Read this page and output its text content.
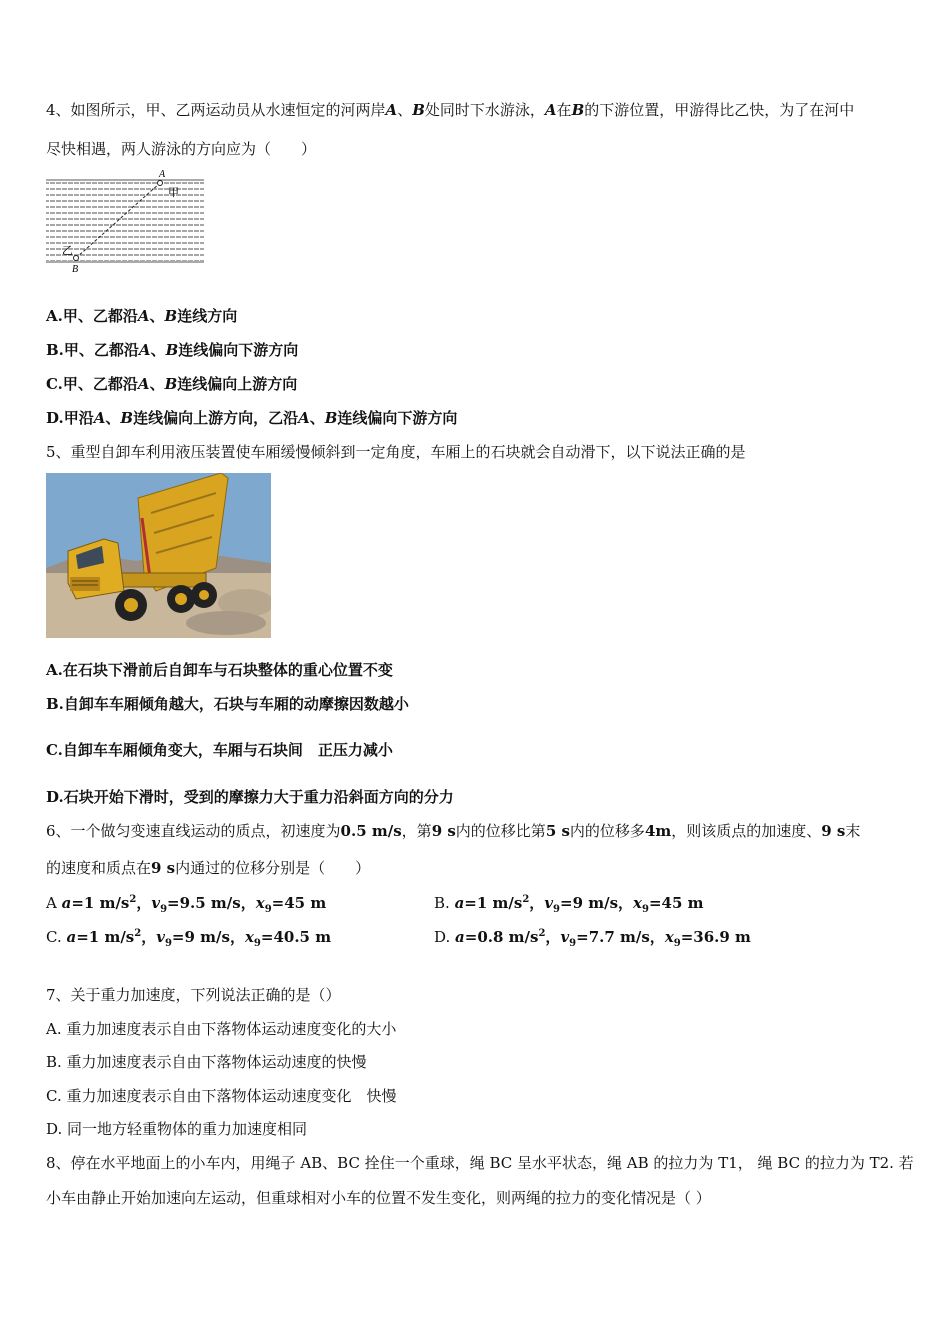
4、如图所示，甲、乙两运动员从水速恒定的河两岸A、B处同时下水游泳，A在B的下游位置，甲游得比乙快，为了在河中
尽快相遇，两人游泳的方向应为（　　）
A
甲
乙
B
A.甲、乙都沿A、B连线方向
B.甲、乙都沿A、B连线偏向下游方向
C.甲、乙都沿A、B连线偏向上游方向
D.甲沿A、B连线偏向上游方向，乙沿A、B连线偏向下游方向
5、重型自卸车利用液压装置使车厢缓慢倾斜到一定角度，车厢上的石块就会自动滑下，以下说法正确的是
A.在石块下滑前后自卸车与石块整体的重心位置不变
B.自卸车车厢倾角越大，石块与车厢的动摩擦因数越小
C.自卸车车厢倾角变大，车厢与石块间　正压力减小
D.石块开始下滑时，受到的摩擦力大于重力沿斜面方向的分力
6、一个做匀变速直线运动的质点，初速度为0.5 m/s，第9 s内的位移比第5 s内的位移多4m，则该质点的加速度、9 s末
的速度和质点在9 s内通过的位移分别是（　　）
A a=1 $m/s^2$，$v_9=9.5$ m/s，$x_9=45$ m	B. a=1 $m/s^2$，$v_9=9$ m/s，$x_9=45$ m
C. a=1 $m/s^2$，$v_9=9$ m/s，$x_9=40.5$ m	D. a=0.8 $m/s^2$，$v_9=7.7$ m/s，$x_9=36.9$ m
7、关于重力加速度，下列说法正确的是（）
A. 重力加速度表示自由下落物体运动速度变化的大小
B. 重力加速度表示自由下落物体运动速度的快慢
C. 重力加速度表示自由下落物体运动速度变化　快慢
D. 同一地方轻重物体的重力加速度相同
8、停在水平地面上的小车内，用绳子 AB、BC 拴住一个重球，绳 BC 呈水平状态，绳 AB 的拉力为 T1， 绳 BC 的拉力为 T2. 若
小车由静止开始加速向左运动，但重球相对小车的位置不发生变化，则两绳的拉力的变化情况是（ ）
